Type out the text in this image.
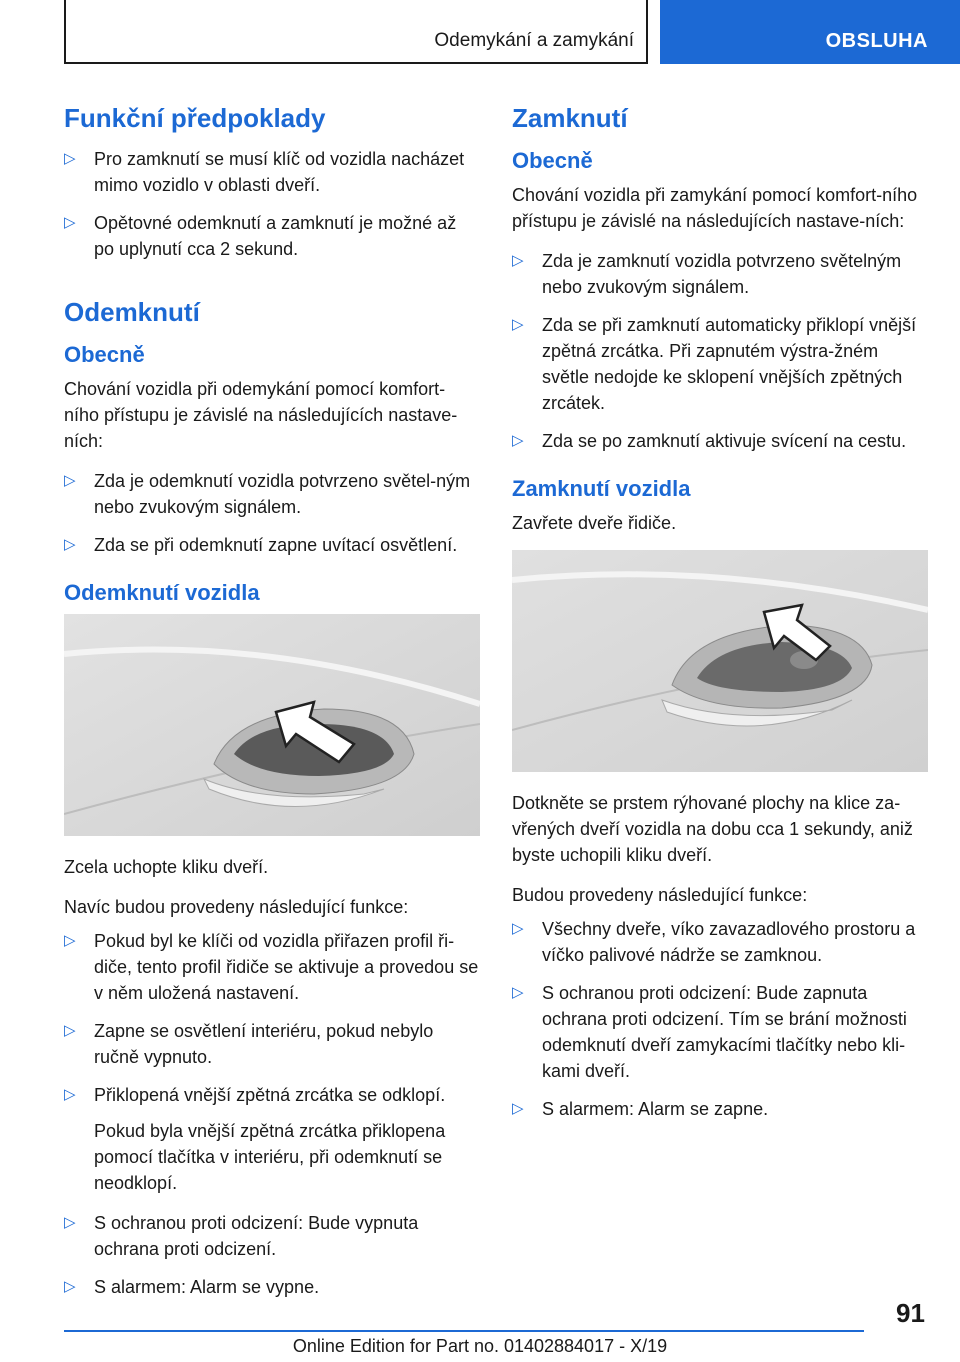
Odemykání a zamykání	OBSLUHA
Funkční předpoklady
▷ Pro zamknutí se musí klíč od vozidla nacházet mimo vozidlo v oblasti dveří.
▷ Opětovné odemknutí a zamknutí je možné až po uplynutí cca 2 sekund.
Odemknutí
Obecně

Chování vozidla při odemykání pomocí komfort-ního přístupu je závislé na následujících nastave-ních:

▷ Zda je odemknutí vozidla potvrzeno světel-ným nebo zvukovým signálem.
▷ Zda se při odemknutí zapne uvítací osvětlení.
Odemknutí vozidla

Zcela uchopte kliku dveří.

Navíc budou provedeny následující funkce:

▷ Pokud byl ke klíči od vozidla přiřazen profil ři-diče, tento profil řidiče se aktivuje a provedou se v něm uložená nastavení.
▷ Zapne se osvětlení interiéru, pokud nebylo ručně vypnuto.
▷ Přiklopená vnější zpětná zrcátka se odklopí.

Pokud byla vnější zpětná zrcátka přiklopena pomocí tlačítka v interiéru, při odemknutí se neodklopí.

▷ S ochranou proti odcizení: Bude vypnuta ochrana proti odcizení.
▷ S alarmem: Alarm se vypne.
Zamknutí
Obecně

Chování vozidla při zamykání pomocí komfort-ního přístupu je závislé na následujících nastave-ních:

▷ Zda je zamknutí vozidla potvrzeno světelným nebo zvukovým signálem.
▷ Zda se při zamknutí automaticky přiklopí vnější zpětná zrcátka. Při zapnutém výstra-žném světle nedojde ke sklopení vnějších zpětných zrcátek.
▷ Zda se po zamknutí aktivuje svícení na cestu.
Zamknutí vozidla

Zavřete dveře řidiče.

Dotkněte se prstem rýhované plochy na klice za-vřených dveří vozidla na dobu cca 1 sekundy, aniž byste uchopili kliku dveří.

Budou provedeny následující funkce:

▷ Všechny dveře, víko zavazadlového prostoru a víčko palivové nádrže se zamknou.
▷ S ochranou proti odcizení: Bude zapnuta ochrana proti odcizení. Tím se brání možnosti odemknutí dveří zamykacími tlačítky nebo kli-kami dveří.
▷ S alarmem: Alarm se zapne.
91
Online Edition for Part no. 01402884017 - X/19
